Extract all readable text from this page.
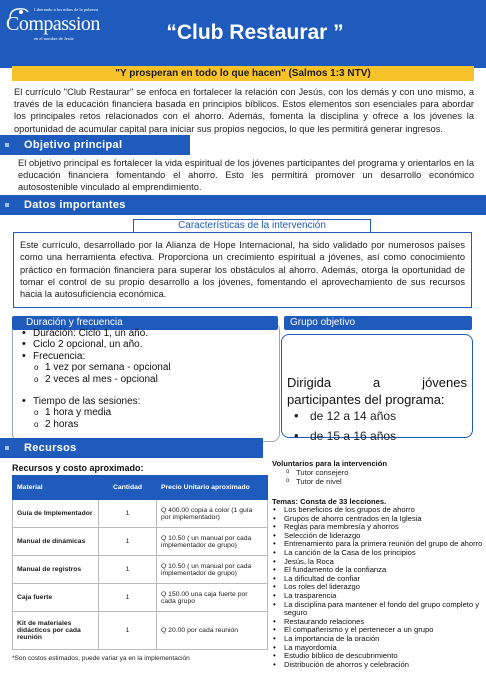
Liberando a los niños de la pobreza
Compassion
en el nombre de Jesús	“Club Restaurar ”
"Y prosperan en todo lo que hacen" (Salmos 1:3 NTV)
El currículo "Club Restaurar" se enfoca en fortalecer la relación con Jesús, con los demás y con uno mismo, a través de la educación financiera basada en principios bíblicos. Estos elementos son esenciales para abordar los principales retos relacionados con el ahorro. Además, fomenta la disciplina y ofrece a los jóvenes la oportunidad de acumular capital para iniciar sus propios negocios, lo que les permitirá generar ingresos.
Objetivo principal
El objetivo principal es fortalecer la vida espiritual de los jóvenes participantes del programa y orientarlos en la educación financiera fomentando el ahorro. Esto les permitirá promover un desarrollo económico autosostenible vinculado al emprendimiento.
Datos importantes
Este currículo, desarrollado por la Alianza de Hope Internacional, ha sido validado por numerosos países como una herramienta efectiva. Proporciona un crecimiento espiritual a jóvenes, así como conocimiento práctico en formación financiera para superar los obstáculos al ahorro. Además, otorga la oportunidad de tomar el control de su propio desarrollo a los jóvenes, fomentando el aprovechamiento de sus recursos hacia la autosuficiencia económica.
Características de la intervención
Duración y frecuencia
• Duración: Ciclo 1, un año.
• Ciclo 2 opcional, un año.
• Frecuencia:
o 1 vez por semana - opcional
o 2 veces al mes - opcional
• Tiempo de las sesiones:
o 1 hora y media
o 2 horas
Grupo objetivo
Dirigida a jóvenes participantes del programa:
• de 12 a 14 años
• de 15 a 16 años
Recursos
Recursos y costo aproximado:
Material	Cantidad	Precio Unitario aproximado
Guía de Implementador	1	Q 400.00 copia a color (1 guía por implementador)
Manual de dinámicas	1	Q 10.50 ( un manual por cada implementador de grupo)
Manual de registros	1	Q 10.50 ( un manual por cada implementador de grupo)
Caja fuerte	1	Q 150.00 una caja fuerte por cada grupo
Kit de materiales didácticos por cada reunión	1	Q 20.00 por cada reunión
*Son costos estimados, puede variar ya en la implementación
Voluntarios para la intervención
o Tutor consejero
o Tutor de nivel
Temas: Consta de 33 lecciones.
• Los beneficios de los grupos de ahorro
• Grupos de ahorro centrados en la Iglesia
• Reglas para membresía y ahorros
• Selección de liderazgo
• Entrenamiento para la primera reunión del grupo de ahorro
• La canción de la Casa de los principios
• Jesús, la Roca
• El fundamento de la confianza
• La dificultad de confiar
• Los roles del liderazgo
• La trasparencia
• La disciplina para mantener el fondo del grupo completo y seguro
• Restaurando relaciones
• El compañerismo y el pertenecer a un grupo
• La importancia de la oración
• La mayordomía
• Estudio bíblico de descubrimiento
• Distribución de ahorros y celebración
